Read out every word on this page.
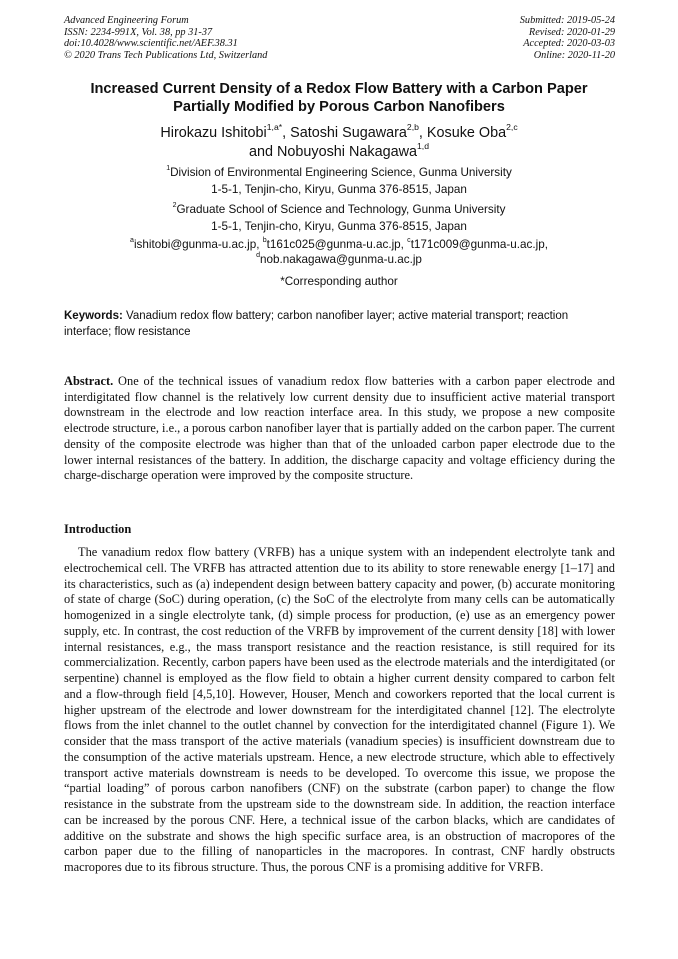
Advanced Engineering Forum
ISSN: 2234-991X, Vol. 38, pp 31-37
doi:10.4028/www.scientific.net/AEF.38.31
© 2020 Trans Tech Publications Ltd, Switzerland
Submitted: 2019-05-24
Revised: 2020-01-29
Accepted: 2020-03-03
Online: 2020-11-20
Increased Current Density of a Redox Flow Battery with a Carbon Paper
Partially Modified by Porous Carbon Nanofibers
Hirokazu Ishitobi$^{1,a*}$, Satoshi Sugawara$^{2,b}$, Kosuke Oba$^{2,c}$
and Nobuyoshi Nakagawa$^{1,d}$
$^1$Division of Environmental Engineering Science, Gunma University
1-5-1, Tenjin-cho, Kiryu, Gunma 376-8515, Japan
$^2$Graduate School of Science and Technology, Gunma University
1-5-1, Tenjin-cho, Kiryu, Gunma 376-8515, Japan
$^a$ishitobi@gunma-u.ac.jp, $^b$t161c025@gunma-u.ac.jp, $^c$t171c009@gunma-u.ac.jp,
$^d$nob.nakagawa@gunma-u.ac.jp
*Corresponding author
Keywords: Vanadium redox flow battery; carbon nanofiber layer; active material transport; reaction interface; flow resistance
Abstract. One of the technical issues of vanadium redox flow batteries with a carbon paper electrode and interdigitated flow channel is the relatively low current density due to insufficient active material transport downstream in the electrode and low reaction interface area. In this study, we propose a new composite electrode structure, i.e., a porous carbon nanofiber layer that is partially added on the carbon paper. The current density of the composite electrode was higher than that of the unloaded carbon paper electrode due to the lower internal resistances of the battery. In addition, the discharge capacity and voltage efficiency during the charge-discharge operation were improved by the composite structure.
Introduction

The vanadium redox flow battery (VRFB) has a unique system with an independent electrolyte tank and electrochemical cell. The VRFB has attracted attention due to its ability to store renewable energy [1–17] and its characteristics, such as (a) independent design between battery capacity and power, (b) accurate monitoring of state of charge (SoC) during operation, (c) the SoC of the electrolyte from many cells can be automatically homogenized in a single electrolyte tank, (d) simple process for production, (e) use as an emergency power supply, etc. In contrast, the cost reduction of the VRFB by improvement of the current density [18] with lower internal resistances, e.g., the mass transport resistance and the reaction resistance, is still required for its commercialization. Recently, carbon papers have been used as the electrode materials and the interdigitated (or serpentine) channel is employed as the flow field to obtain a higher current density compared to carbon felt and a flow-through field [4,5,10]. However, Houser, Mench and coworkers reported that the local current is higher upstream of the electrode and lower downstream for the interdigitated channel [12]. The electrolyte flows from the inlet channel to the outlet channel by convection for the interdigitated channel (Figure 1). We consider that the mass transport of the active materials (vanadium species) is insufficient downstream due to the consumption of the active materials upstream. Hence, a new electrode structure, which able to effectively transport active materials downstream is needs to be developed. To overcome this issue, we propose the “partial loading” of porous carbon nanofibers (CNF) on the substrate (carbon paper) to change the flow resistance in the substrate from the upstream side to the downstream side. In addition, the reaction interface can be increased by the porous CNF. Here, a technical issue of the carbon blacks, which are candidates of additive on the substrate and shows the high specific surface area, is an obstruction of macropores of the carbon paper due to the filling of nanoparticles in the macropores. In contrast, CNF hardly obstructs macropores due to its fibrous structure. Thus, the porous CNF is a promising additive for VRFB.
